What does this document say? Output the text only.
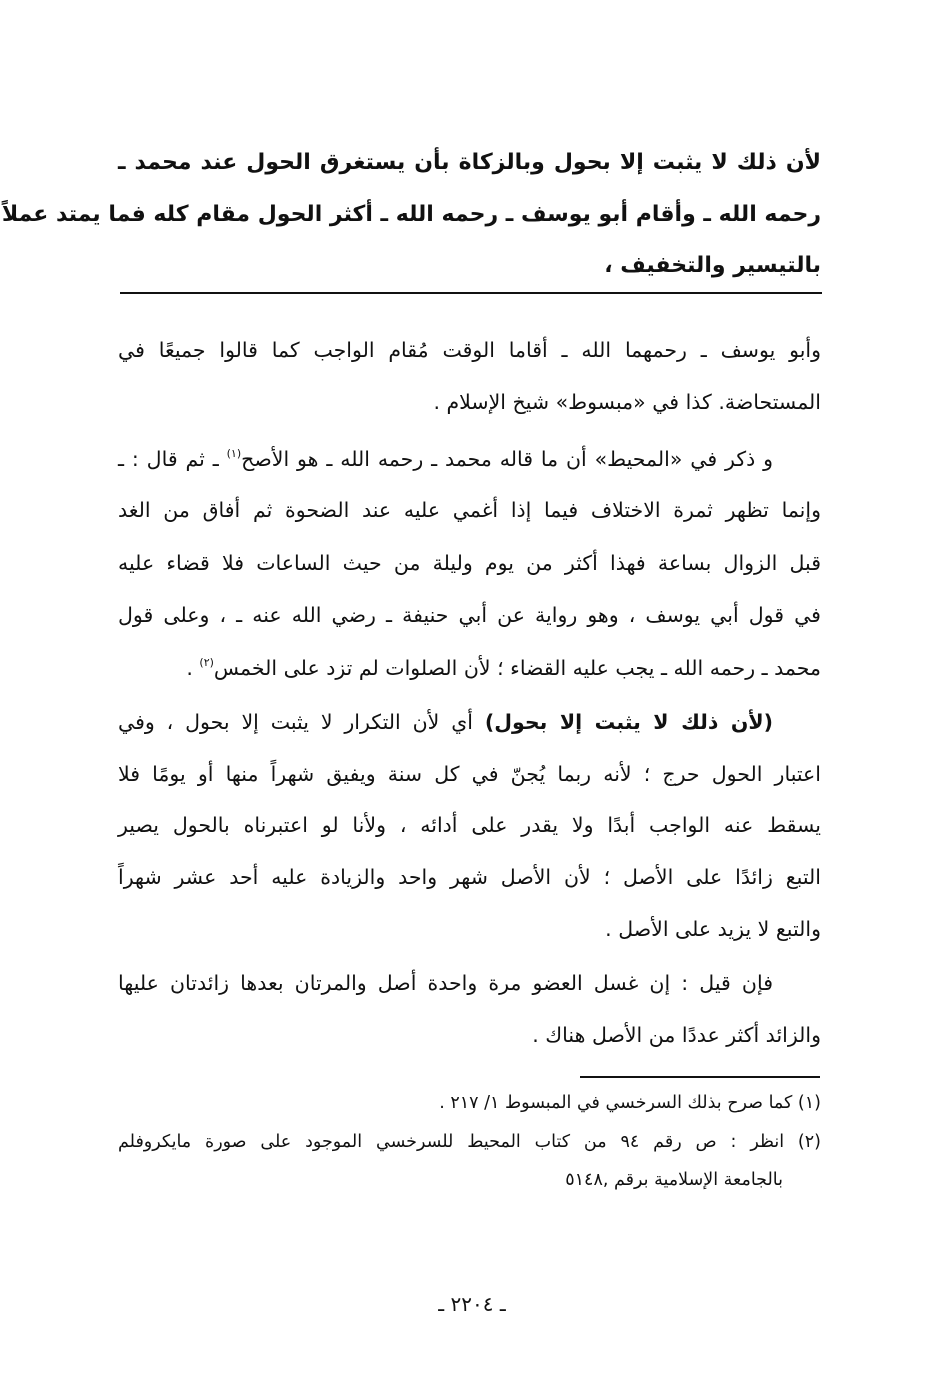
لأن ذلك لا يثبت إلا بحول وبالزكاة بأن يستغرق الحول عند محمد ـ
رحمه الله ـ وأقام أبو يوسف ـ رحمه الله ـ أكثر الحول مقام كله فما يمتد عملاً
بالتيسير والتخفيف ،
وأبو يوسف ـ رحمهما الله ـ أقاما الوقت مُقام الواجب كما قالوا جميعًا في
المستحاضة. كذا في «مبسوط» شيخ الإسلام .
و ذكر في «المحيط» أن ما قاله محمد ـ رحمه الله ـ هو الأصح$^{(١)}$ ـ ثم قال : ـ
وإنما تظهر ثمرة الاختلاف فيما إذا أغمي عليه عند الضحوة ثم أفاق من الغد
قبل الزوال بساعة فهذا أكثر من يوم وليلة من حيث الساعات فلا قضاء عليه
في قول أبي يوسف ، وهو رواية عن أبي حنيفة ـ رضي الله عنه ـ ، وعلى قول
محمد ـ رحمه الله ـ يجب عليه القضاء ؛ لأن الصلوات لم تزد على الخمس$^{(٢)}$ .
(لأن ذلك لا يثبت إلا بحول) أي لأن التكرار لا يثبت إلا بحول ، وفي
اعتبار الحول حرج ؛ لأنه ربما يُجنّ في كل سنة ويفيق شهراً منها أو يومًا فلا
يسقط عنه الواجب أبدًا ولا يقدر على أدائه ، ولأنا لو اعتبرناه بالحول يصير
التبع زائدًا على الأصل ؛ لأن الأصل شهر واحد والزيادة عليه أحد عشر شهراً
والتبع لا يزيد على الأصل .
فإن قيل : إن غسل العضو مرة واحدة أصل والمرتان بعدها زائدتان عليها
والزائد أكثر عددًا من الأصل هناك .
(١) كما صرح بذلك السرخسي في المبسوط ١/ ٢١٧ .
(٢) انظر : ص رقم ٩٤ من كتاب المحيط للسرخسي الموجود على صورة مايكروفلم
بالجامعة الإسلامية برقم ,٥١٤٨
ـ ٢٢٠٤ ـ
